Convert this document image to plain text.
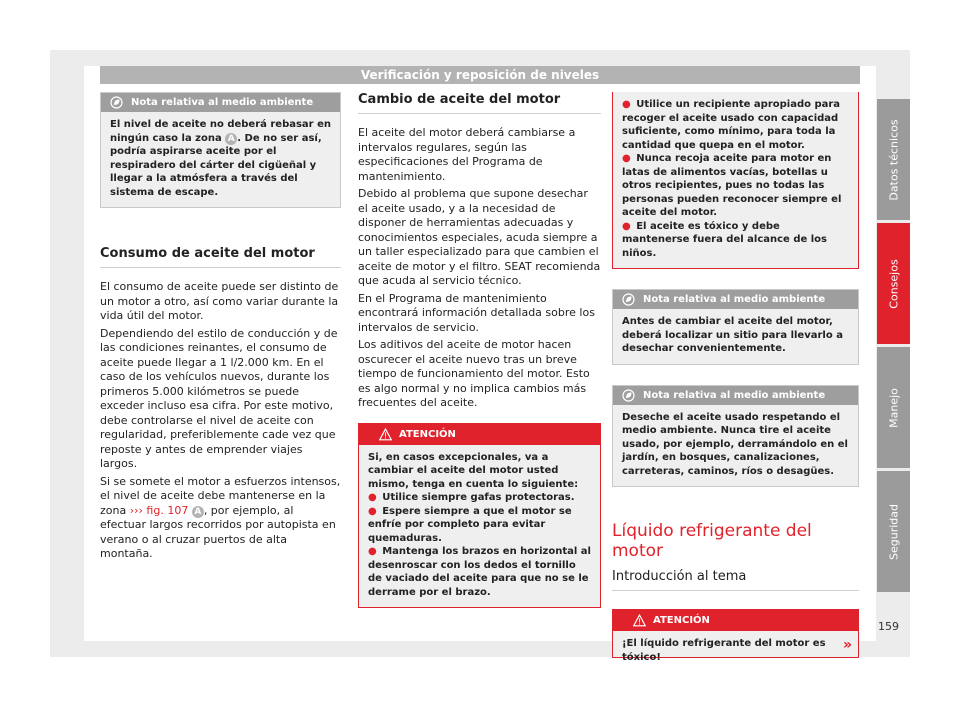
Verificación y reposición de niveles
Datos técnicos
Consejos
Manejo
Seguridad
Nota relativa al medio ambiente
El nivel de aceite no deberá rebasar en ningún caso la zona A . De no ser así, podría aspirarse aceite por el respiradero del cárter del cigüeñal y llegar a la atmósfera a través del sistema de escape.
Consumo de aceite del motor

El consumo de aceite puede ser distinto de un motor a otro, así como variar durante la vida útil del motor.

Dependiendo del estilo de conducción y de las condiciones reinantes, el consumo de aceite puede llegar a 1 l/2.000 km. En el caso de los vehículos nuevos, durante los primeros 5.000 kilómetros se puede exceder incluso esa cifra. Por este motivo, debe controlarse el nivel de aceite con regularidad, preferiblemente cade vez que reposte y antes de emprender viajes largos.

Si se somete el motor a esfuerzos intensos, el nivel de aceite debe mantenerse en la zona ››› fig. 107 A , por ejemplo, al efectuar largos recorridos por autopista en verano o al cruzar puertos de alta montaña.

Cambio de aceite del motor

El aceite del motor deberá cambiarse a intervalos regulares, según las especificaciones del Programa de mantenimiento.

Debido al problema que supone desechar el aceite usado, y a la necesidad de disponer de herramientas adecuadas y conocimientos especiales, acuda siempre a un taller especializado para que cambien el aceite de motor y el filtro. SEAT recomienda que acuda al servicio técnico.

En el Programa de mantenimiento encontrará información detallada sobre los intervalos de servicio.

Los aditivos del aceite de motor hacen oscurecer el aceite nuevo tras un breve tiempo de funcionamiento del motor. Esto es algo normal y no implica cambios más frecuentes del aceite.

ATENCIÓN
Si, en casos excepcionales, va a cambiar el aceite del motor usted mismo, tenga en cuenta lo siguiente:
● Utilice siempre gafas protectoras.
● Espere siempre a que el motor se enfríe por completo para evitar quemaduras.
● Mantenga los brazos en horizontal al desenroscar con los dedos el tornillo de vaciado del aceite para que no se le derrame por el brazo.
● Utilice un recipiente apropiado para recoger el aceite usado con capacidad suficiente, como mínimo, para toda la cantidad que quepa en el motor.
● Nunca recoja aceite para motor en latas de alimentos vacías, botellas u otros recipientes, pues no todas las personas pueden reconocer siempre el aceite del motor.
● El aceite es tóxico y debe mantenerse fuera del alcance de los niños.
Nota relativa al medio ambiente
Antes de cambiar el aceite del motor, deberá localizar un sitio para llevarlo a desechar convenientemente.
Nota relativa al medio ambiente
Deseche el aceite usado respetando el medio ambiente. Nunca tire el aceite usado, por ejemplo, derramándolo en el jardín, en bosques, canalizaciones, carreteras, caminos, ríos o desagües.
Líquido refrigerante del motor
Introducción al tema
ATENCIÓN
¡El líquido refrigerante del motor es tóxico!
»
159
